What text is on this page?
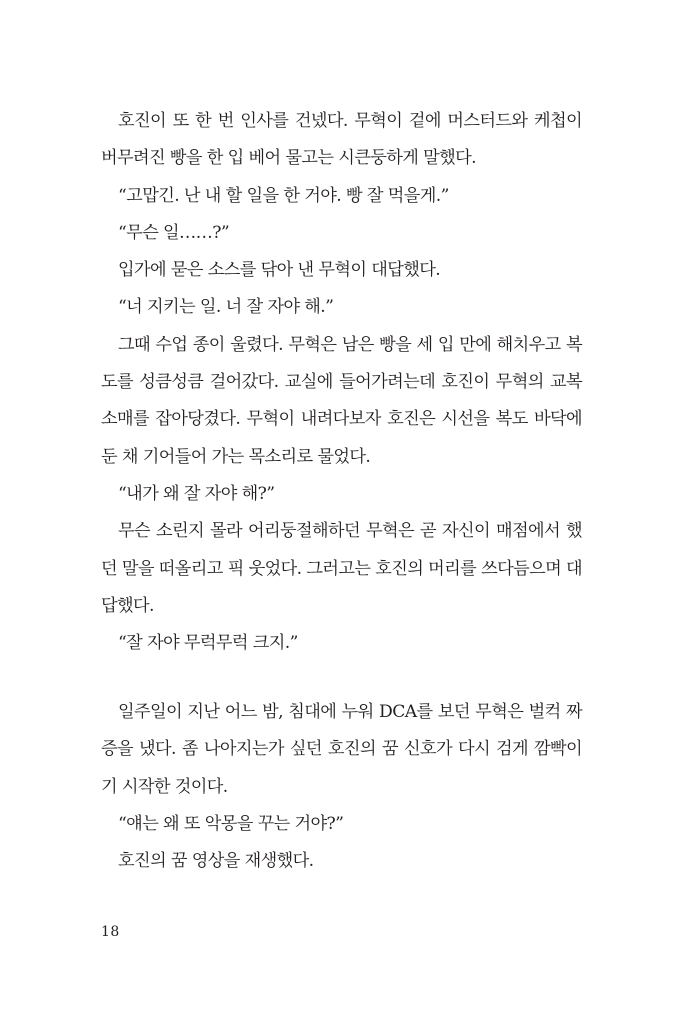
호진이 또 한 번 인사를 건넸다. 무혁이 겉에 머스터드와 케첩이 버무려진 빵을 한 입 베어 물고는 시큰둥하게 말했다.

“고맙긴. 난 내 할 일을 한 거야. 빵 잘 먹을게.”

“무슨 일……?”

입가에 묻은 소스를 닦아 낸 무혁이 대답했다.

“너 지키는 일. 너 잘 자야 해.”

그때 수업 종이 울렸다. 무혁은 남은 빵을 세 입 만에 해치우고 복도를 성큼성큼 걸어갔다. 교실에 들어가려는데 호진이 무혁의 교복 소매를 잡아당겼다. 무혁이 내려다보자 호진은 시선을 복도 바닥에 둔 채 기어들어 가는 목소리로 물었다.

“내가 왜 잘 자야 해?”

무슨 소린지 몰라 어리둥절해하던 무혁은 곧 자신이 매점에서 했던 말을 떠올리고 픽 웃었다. 그러고는 호진의 머리를 쓰다듬으며 대답했다.

“잘 자야 무럭무럭 크지.”

일주일이 지난 어느 밤, 침대에 누워 DCA를 보던 무혁은 벌컥 짜증을 냈다. 좀 나아지는가 싶던 호진의 꿈 신호가 다시 검게 깜빡이기 시작한 것이다.

“얘는 왜 또 악몽을 꾸는 거야?”

호진의 꿈 영상을 재생했다.

18
